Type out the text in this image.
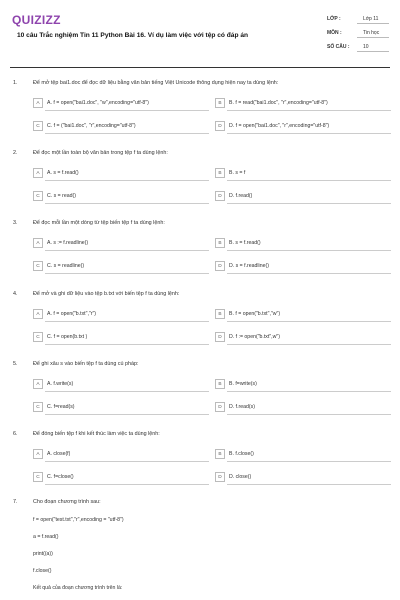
QUIZIZZ
10 câu Trắc nghiệm Tin 11 Python Bài 16. Ví dụ làm việc với tệp có đáp án
LỚP :	Lớp 11
MÔN :	Tin học
SỐ CÂU :	10
1.	Để mở tệp bai1.doc để đọc dữ liệu bằng văn bản tiếng Việt Unicode thông dụng hiện nay ta dùng lệnh:
A	A. f = open("bai1.doc", "w",encoding="utf-8")	B	B. f = read("bai1.doc", "r",encoding="utf-8")
C	C. f = ("bai1.doc", "r",encoding="utf-8")	D	D. f = open("bai1.doc", "r",encoding="utf-8")
2.	Để đọc một lần toàn bộ văn bản trong tệp f ta dùng lệnh:
A	A. s = f.read()	B	B. s = f
C	C. s = read()	D	D. f.read()
3.	Để đọc mỗi lần một dòng từ tệp biến tệp f ta dùng lệnh:
A	A. s := f.readline()	B	B. s = f.read()
C	C. s = readline()	D	D. s = f.readline()
4.	Để mở và ghi dữ liệu vào tệp b.txt với biến tệp f ta dùng lệnh:
A	A. f = open("b.txt","r")	B	B. f = open("b.txt","w")
C	C. f = open(b.txt )	D	D. f := open("b.txt",w")
5.	Để ghi xâu s vào biến tệp f ta dùng cú pháp:
A	A. f.write(s)	B	B. f=write(s)
C	C. f=read(s)	D	D. f.read(s)
6.	Để đóng biến tệp f khi kết thúc làm việc ta dùng lệnh:
A	A. close(f)	B	B. f.close()
C	C. f=close()	D	D. close()
7.	Cho đoạn chương trình sau:
f = open("test.txt","r",encoding = "utf-8")
a = f.read()
print((a))
f.close()
Kết quả của đoạn chương trình trên là:
